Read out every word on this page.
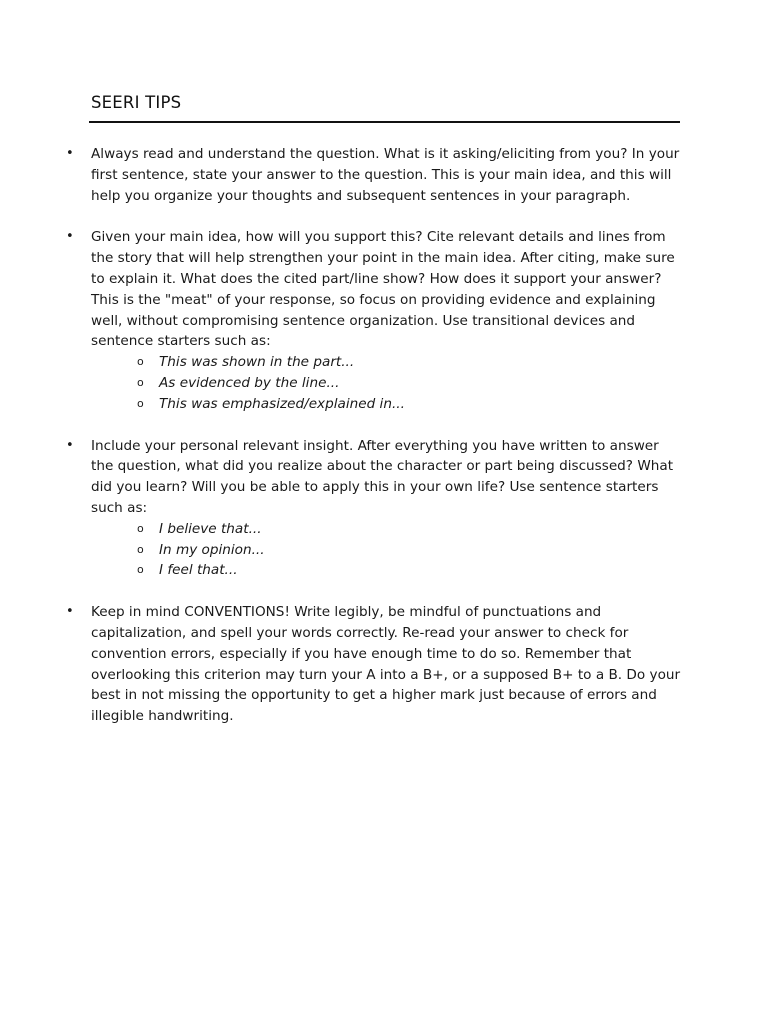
SEERI TIPS
• Always read and understand the question. What is it asking/eliciting from you? In your first sentence, state your answer to the question. This is your main idea, and this will help you organize your thoughts and subsequent sentences in your paragraph.
• Given your main idea, how will you support this? Cite relevant details and lines from the story that will help strengthen your point in the main idea. After citing, make sure to explain it. What does the cited part/line show? How does it support your answer? This is the "meat" of your response, so focus on providing evidence and explaining well, without compromising sentence organization. Use transitional devices and sentence starters such as:
o This was shown in the part...
o As evidenced by the line...
o This was emphasized/explained in...
• Include your personal relevant insight. After everything you have written to answer the question, what did you realize about the character or part being discussed? What did you learn? Will you be able to apply this in your own life? Use sentence starters such as:
o I believe that...
o In my opinion...
o I feel that...
• Keep in mind CONVENTIONS! Write legibly, be mindful of punctuations and capitalization, and spell your words correctly. Re-read your answer to check for convention errors, especially if you have enough time to do so. Remember that overlooking this criterion may turn your A into a B+, or a supposed B+ to a B. Do your best in not missing the opportunity to get a higher mark just because of errors and illegible handwriting.
